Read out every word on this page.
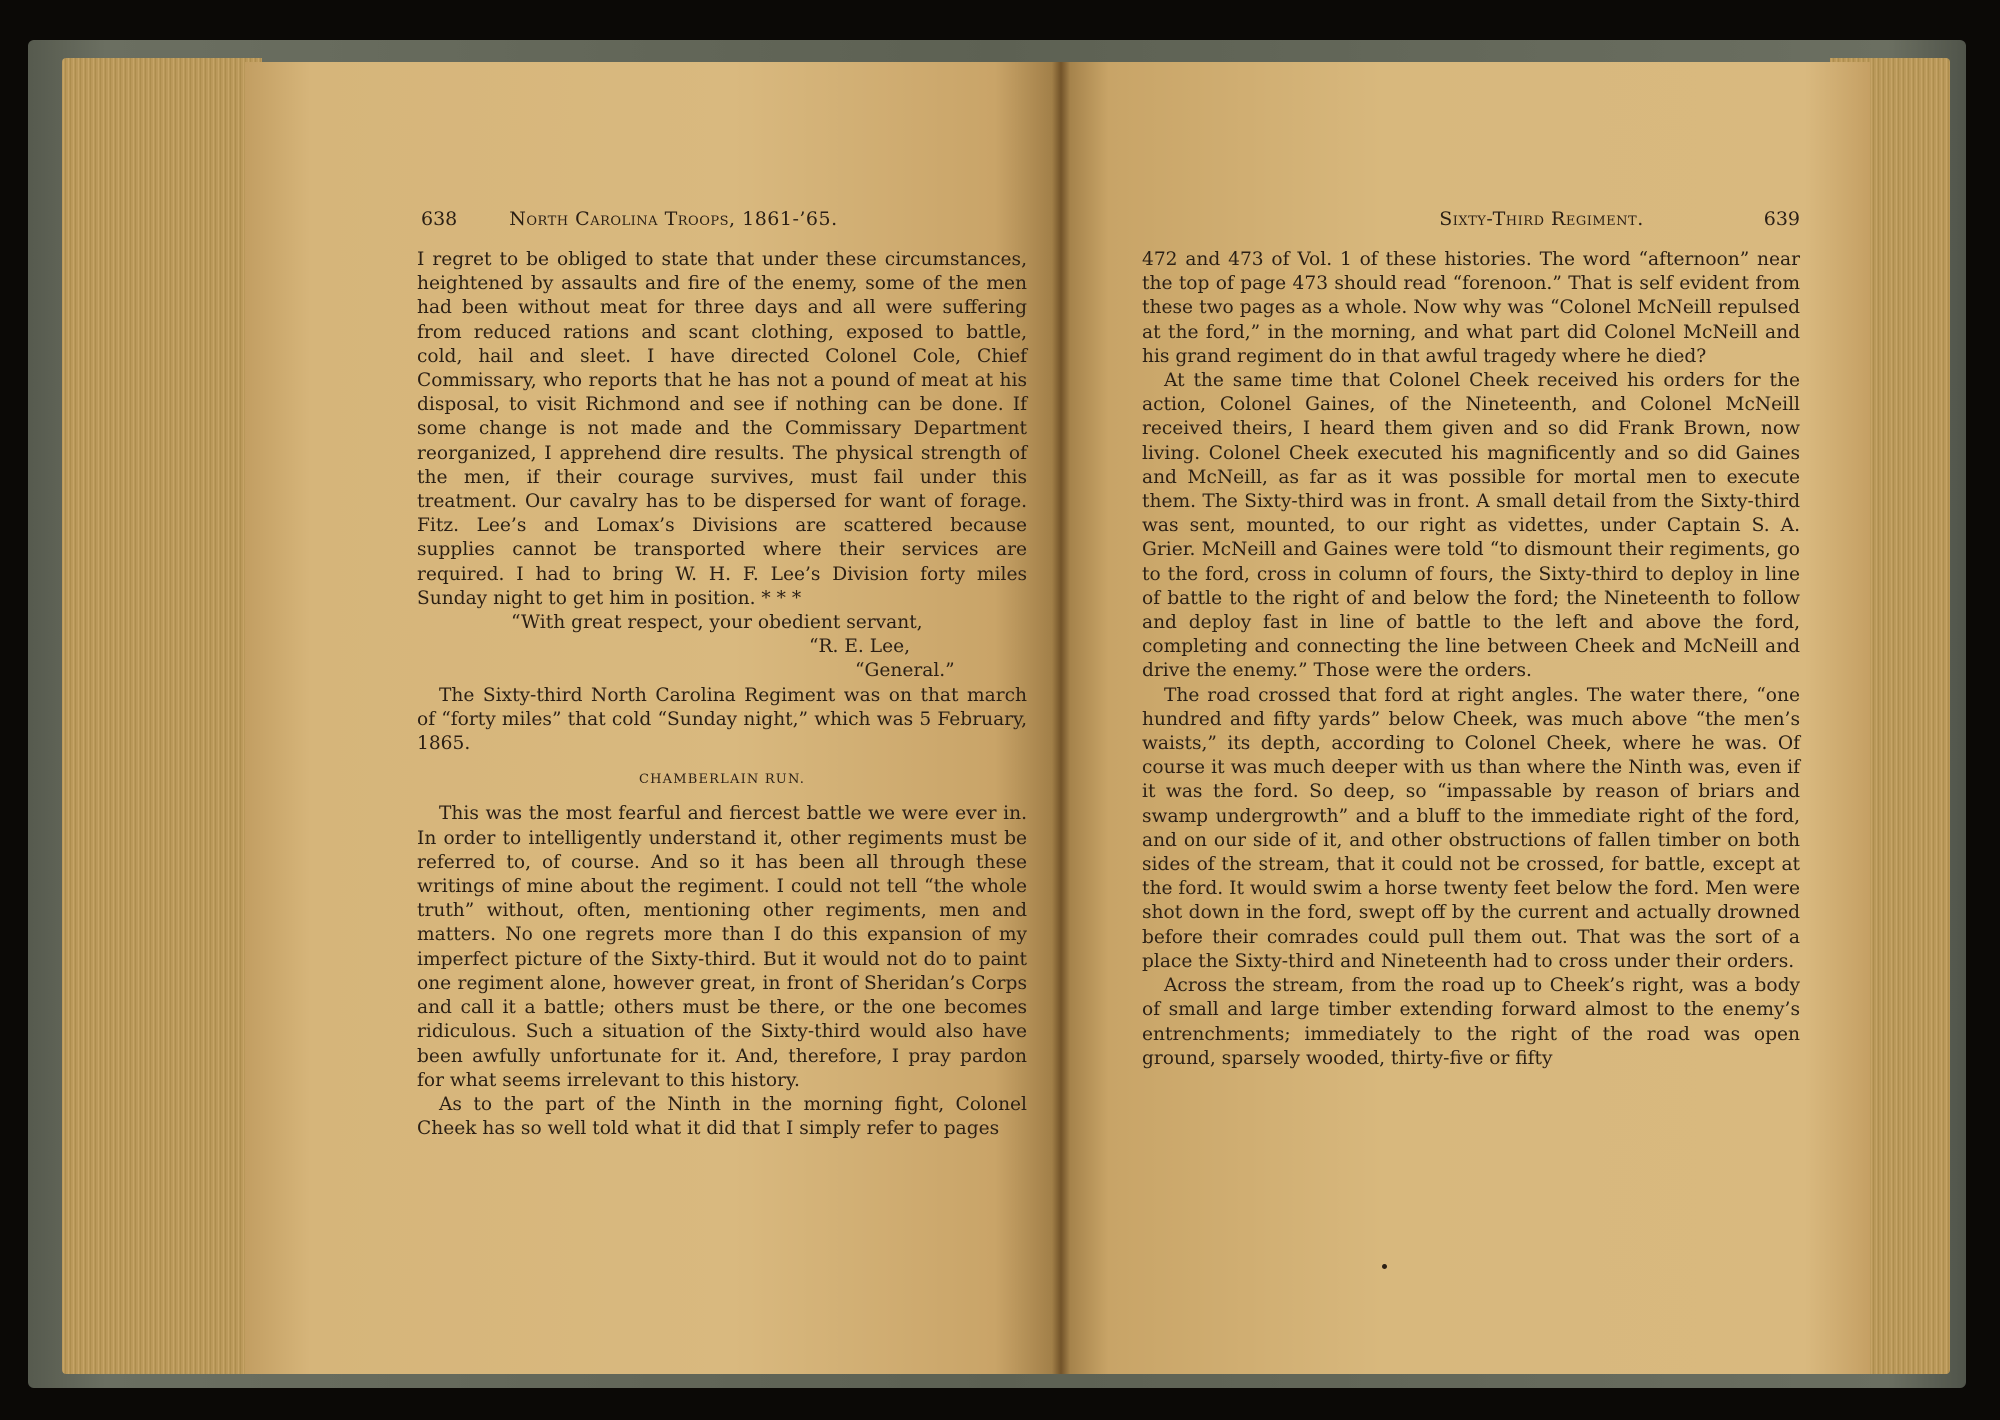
638	North Carolina Troops, 1861-’65.

I regret to be obliged to state that under these circumstances, heightened by assaults and fire of the enemy, some of the men had been without meat for three days and all were suffering from reduced rations and scant clothing, exposed to battle, cold, hail and sleet. I have directed Colonel Cole, Chief Commissary, who reports that he has not a pound of meat at his disposal, to visit Richmond and see if nothing can be done. If some change is not made and the Commissary Department reorganized, I apprehend dire results. The physical strength of the men, if their courage survives, must fail under this treatment. Our cavalry has to be dispersed for want of forage. Fitz. Lee’s and Lomax’s Divisions are scattered because supplies cannot be transported where their services are required. I had to bring W. H. F. Lee’s Division forty miles Sunday night to get him in position. * * *

“With great respect, your obedient servant,

“R. E. Lee,

“General.”

The Sixty-third North Carolina Regiment was on that march of “forty miles” that cold “Sunday night,” which was 5 February, 1865.

CHAMBERLAIN RUN.

This was the most fearful and fiercest battle we were ever in. In order to intelligently understand it, other regiments must be referred to, of course. And so it has been all through these writings of mine about the regiment. I could not tell “the whole truth” without, often, mentioning other regiments, men and matters. No one regrets more than I do this expansion of my imperfect picture of the Sixty-third. But it would not do to paint one regiment alone, however great, in front of Sheridan’s Corps and call it a battle; others must be there, or the one becomes ridiculous. Such a situation of the Sixty-third would also have been awfully unfortunate for it. And, therefore, I pray pardon for what seems irrelevant to this history.

As to the part of the Ninth in the morning fight, Colonel Cheek has so well told what it did that I simply refer to pages

Sixty-Third Regiment.	639

472 and 473 of Vol. 1 of these histories. The word “afternoon” near the top of page 473 should read “forenoon.” That is self evident from these two pages as a whole. Now why was “Colonel McNeill repulsed at the ford,” in the morning, and what part did Colonel McNeill and his grand regiment do in that awful tragedy where he died?

At the same time that Colonel Cheek received his orders for the action, Colonel Gaines, of the Nineteenth, and Colonel McNeill received theirs, I heard them given and so did Frank Brown, now living. Colonel Cheek executed his magnificently and so did Gaines and McNeill, as far as it was possible for mortal men to execute them. The Sixty-third was in front. A small detail from the Sixty-third was sent, mounted, to our right as videttes, under Captain S. A. Grier. McNeill and Gaines were told “to dismount their regiments, go to the ford, cross in column of fours, the Sixty-third to deploy in line of battle to the right of and below the ford; the Nineteenth to follow and deploy fast in line of battle to the left and above the ford, completing and connecting the line between Cheek and McNeill and drive the enemy.” Those were the orders.

The road crossed that ford at right angles. The water there, “one hundred and fifty yards” below Cheek, was much above “the men’s waists,” its depth, according to Colonel Cheek, where he was. Of course it was much deeper with us than where the Ninth was, even if it was the ford. So deep, so “impassable by reason of briars and swamp undergrowth” and a bluff to the immediate right of the ford, and on our side of it, and other obstructions of fallen timber on both sides of the stream, that it could not be crossed, for battle, except at the ford. It would swim a horse twenty feet below the ford. Men were shot down in the ford, swept off by the current and actually drowned before their comrades could pull them out. That was the sort of a place the Sixty-third and Nineteenth had to cross under their orders.

Across the stream, from the road up to Cheek’s right, was a body of small and large timber extending forward almost to the enemy’s entrenchments; immediately to the right of the road was open ground, sparsely wooded, thirty-five or fifty
